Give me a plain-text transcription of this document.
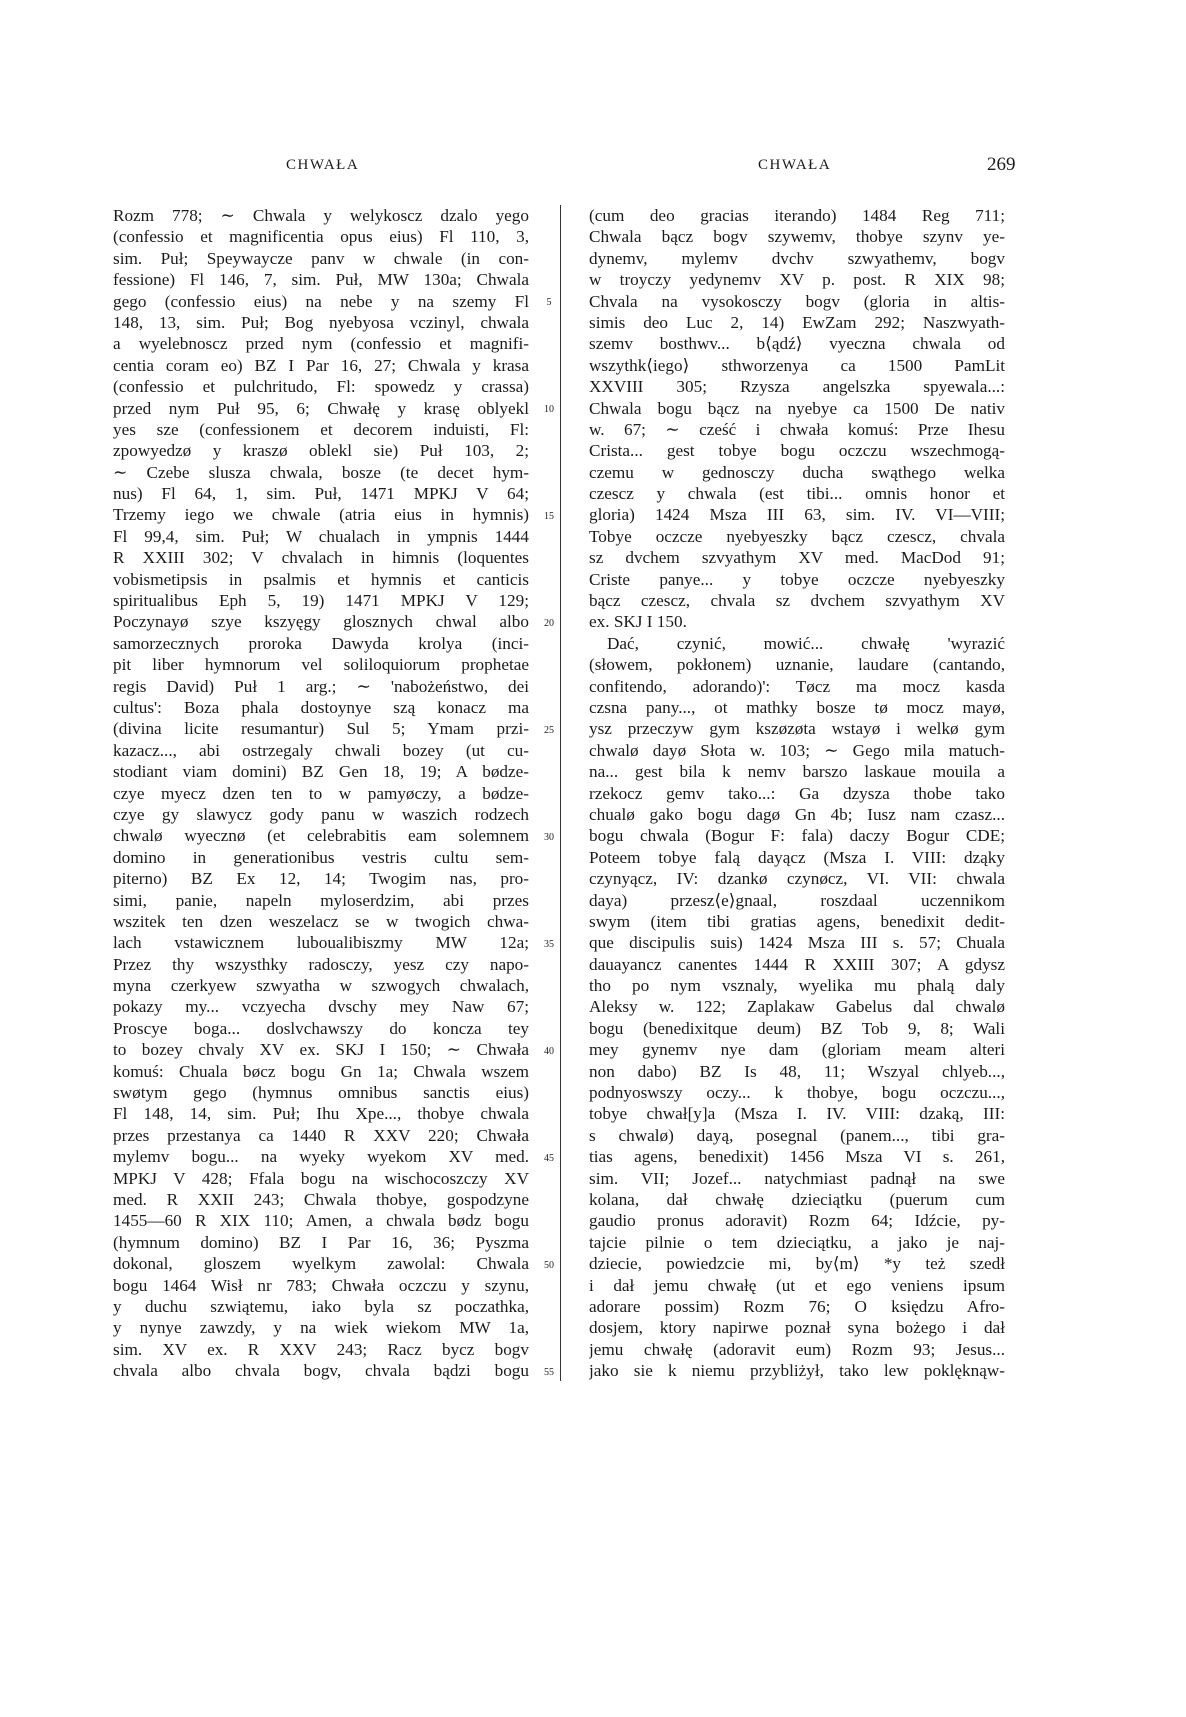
CHWAŁA	CHWAŁA	269
Rozm 778; ∼ Chwala y welykoscz dzalo yego
(confessio et magnificentia opus eius) Fl 110, 3,
sim. Puł; Speywaycze panv w chwale (in con-
fessione) Fl 146, 7, sim. Puł, MW 130a; Chwala
gego (confessio eius) na nebe y na szemy Fl
148, 13, sim. Puł; Bog nyebyosa vczinyl, chwala
a wyelebnoscz przed nym (confessio et magnifi-
centia coram eo) BZ I Par 16, 27; Chwala y krasa
(confessio et pulchritudo, Fl: spowedz y crassa)
przed nym Puł 95, 6; Chwałę y krasę oblyekl
yes sze (confessionem et decorem induisti, Fl:
zpowyedzø y kraszø oblekl sie) Puł 103, 2;
∼ Czebe slusza chwala, bosze (te decet hym-
nus) Fl 64, 1, sim. Puł, 1471 MPKJ V 64;
Trzemy iego we chwale (atria eius in hymnis)
Fl 99,4, sim. Puł; W chualach in ympnis 1444
R XXIII 302; V chvalach in himnis (loquentes
vobismetipsis in psalmis et hymnis et canticis
spiritualibus Eph 5, 19) 1471 MPKJ V 129;
Poczynayø szye kszyęgy glosznych chwal albo
samorzecznych proroka Dawyda krolya (inci-
pit liber hymnorum vel soliloquiorum prophetae
regis David) Puł 1 arg.; ∼ 'nabożeństwo, dei
cultus': Boza phala dostoynye szą konacz ma
(divina licite resumantur) Sul 5; Ymam przi-
kazacz..., abi ostrzegaly chwali bozey (ut cu-
stodiant viam domini) BZ Gen 18, 19; A bødze-
czye myecz dzen ten to w pamyøczy, a bødze-
czye gy slawycz gody panu w waszich rodzech
chwalø wyecznø (et celebrabitis eam solemnem
domino in generationibus vestris cultu sem-
piterno) BZ Ex 12, 14; Twogim nas, pro-
simi, panie, napeln myloserdzim, abi przes
wszitek ten dzen weszelacz se w twogich chwa-
lach vstawicznem luboualibiszmy MW 12a;
Przez thy wszysthky radosczy, yesz czy napo-
myna czerkyew szwyatha w szwogych chwalach,
pokazy my... vczyecha dvschy mey Naw 67;
Proscye boga... doslvchawszy do koncza tey
to bozey chvaly XV ex. SKJ I 150; ∼ Chwała
komuś: Chuala bøcz bogu Gn 1a; Chwala wszem
swøtym gego (hymnus omnibus sanctis eius)
Fl 148, 14, sim. Puł; Ihu Xpe..., thobye chwala
przes przestanya ca 1440 R XXV 220; Chwała
mylemv bogu... na wyeky wyekom XV med.
MPKJ V 428; Ffala bogu na wischocoszczy XV
med. R XXII 243; Chwala thobye, gospodzyne
1455—60 R XIX 110; Amen, a chwala bødz bogu
(hymnum domino) BZ I Par 16, 36; Pyszma
dokonal, gloszem wyelkym zawolal: Chwala
bogu 1464 Wisł nr 783; Chwała oczczu y szynu,
y duchu szwiątemu, iako byla sz poczathka,
y nynye zawzdy, y na wiek wiekom MW 1a,
sim. XV ex. R XXV 243; Racz bycz bogv
chvala albo chvala bogv, chvala bądzi bogu
(cum deo gracias iterando) 1484 Reg 711;
Chwala bącz bogv szywemv, thobye szynv ye-
dynemv, mylemv dvchv szwyathemv, bogv
w troyczy yedynemv XV p. post. R XIX 98;
Chvala na vysokosczy bogv (gloria in altis-
simis deo Luc 2, 14) EwZam 292; Naszwyath-
szemv bosthwv... b⟨ądź⟩ vyeczna chwala od
wszythk⟨iego⟩ sthworzenya ca 1500 PamLit
XXVIII 305; Rzysza angelszka spyewala...:
Chwala bogu bącz na nyebye ca 1500 De nativ
w. 67; ∼ cześć i chwała komuś: Prze Ihesu
Crista... gest tobye bogu oczczu wszechmogą-
czemu w gednosczy ducha swąthego welka
czescz y chwala (est tibi... omnis honor et
gloria) 1424 Msza III 63, sim. IV. VI—VIII;
Tobye oczcze nyebyeszky bącz czescz, chvala
sz dvchem szvyathym XV med. MacDod 91;
Criste panye... y tobye oczcze nyebyeszky
bącz czescz, chvala sz dvchem szvyathym XV
ex. SKJ I 150.
Dać, czynić, mowić... chwałę 'wyrazić
(słowem, pokłonem) uznanie, laudare (cantando,
confitendo, adorando)': Tøcz ma mocz kasda
czsna pany..., ot mathky bosze tø mocz mayø,
ysz przeczyw gym kszøzøta wstayø i welkø gym
chwalø dayø Słota w. 103; ∼ Gego mila matuch-
na... gest bila k nemv barszo laskaue mouila a
rzekocz gemv tako...: Ga dzysza thobe tako
chualø gako bogu dagø Gn 4b; Iusz nam czasz...
bogu chwala (Bogur F: fala) daczy Bogur CDE;
Poteem tobye falą dayącz (Msza I. VIII: dząky
czynyącz, IV: dzankø czynøcz, VI. VII: chwala
daya) przesz⟨e⟩gnaal, roszdaal uczennikom
swym (item tibi gratias agens, benedixit dedit-
que discipulis suis) 1424 Msza III s. 57; Chuala
dauayancz canentes 1444 R XXIII 307; A gdysz
tho po nym vsznaly, wyelika mu phalą daly
Aleksy w. 122; Zaplakaw Gabelus dal chwalø
bogu (benedixitque deum) BZ Tob 9, 8; Wali
mey gynemv nye dam (gloriam meam alteri
non dabo) BZ Is 48, 11; Wszyal chlyeb...,
podnyoswszy oczy... k thobye, bogu oczczu...,
tobye chwał[y]a (Msza I. IV. VIII: dzaką, III:
s chwalø) dayą, posegnal (panem..., tibi gra-
tias agens, benedixit) 1456 Msza VI s. 261,
sim. VII; Jozef... natychmiast padnął na swe
kolana, dał chwałę dzieciątku (puerum cum
gaudio pronus adoravit) Rozm 64; Idźcie, py-
tajcie pilnie o tem dzieciątku, a jako je naj-
dziecie, powiedzcie mi, by⟨m⟩ *y też szedł
i dał jemu chwałę (ut et ego veniens ipsum
adorare possim) Rozm 76; O księdzu Afro-
dosjem, ktory napirwe poznał syna bożego i dał
jemu chwałę (adoravit eum) Rozm 93; Jesus...
jako sie k niemu przybliżył, tako lew poklęknąw-
5
10
15
20
25
30
35
40
45
50
55
